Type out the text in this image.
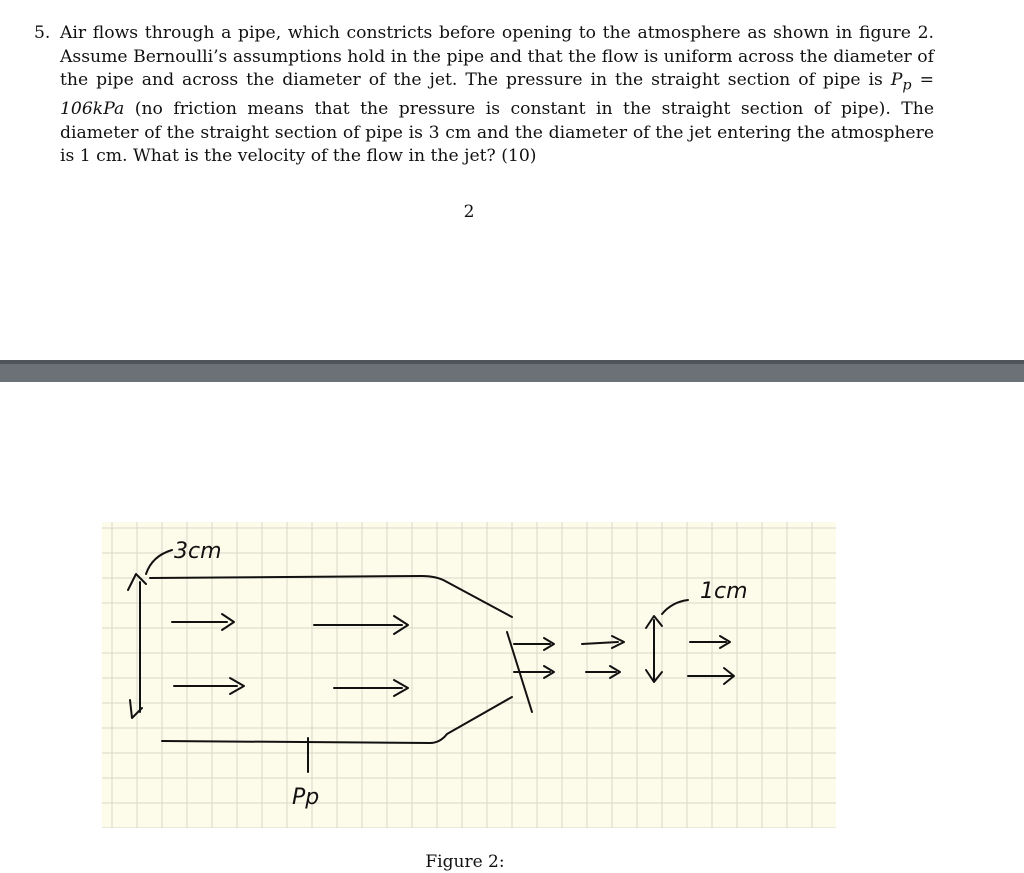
5. Air flows through a pipe, which constricts before opening to the atmosphere as shown in figure 2. Assume Bernoulli’s assumptions hold in the pipe and that the flow is uniform across the diameter of the pipe and across the diameter of the jet. The pressure in the straight section of pipe is $P_p = 106kPa$ (no friction means that the pressure is constant in the straight section of pipe). The diameter of the straight section of pipe is 3 cm and the diameter of the jet entering the atmosphere is 1 cm. What is the velocity of the flow in the jet? (10)
2
3cm
1cm
Pp
Figure 2:
